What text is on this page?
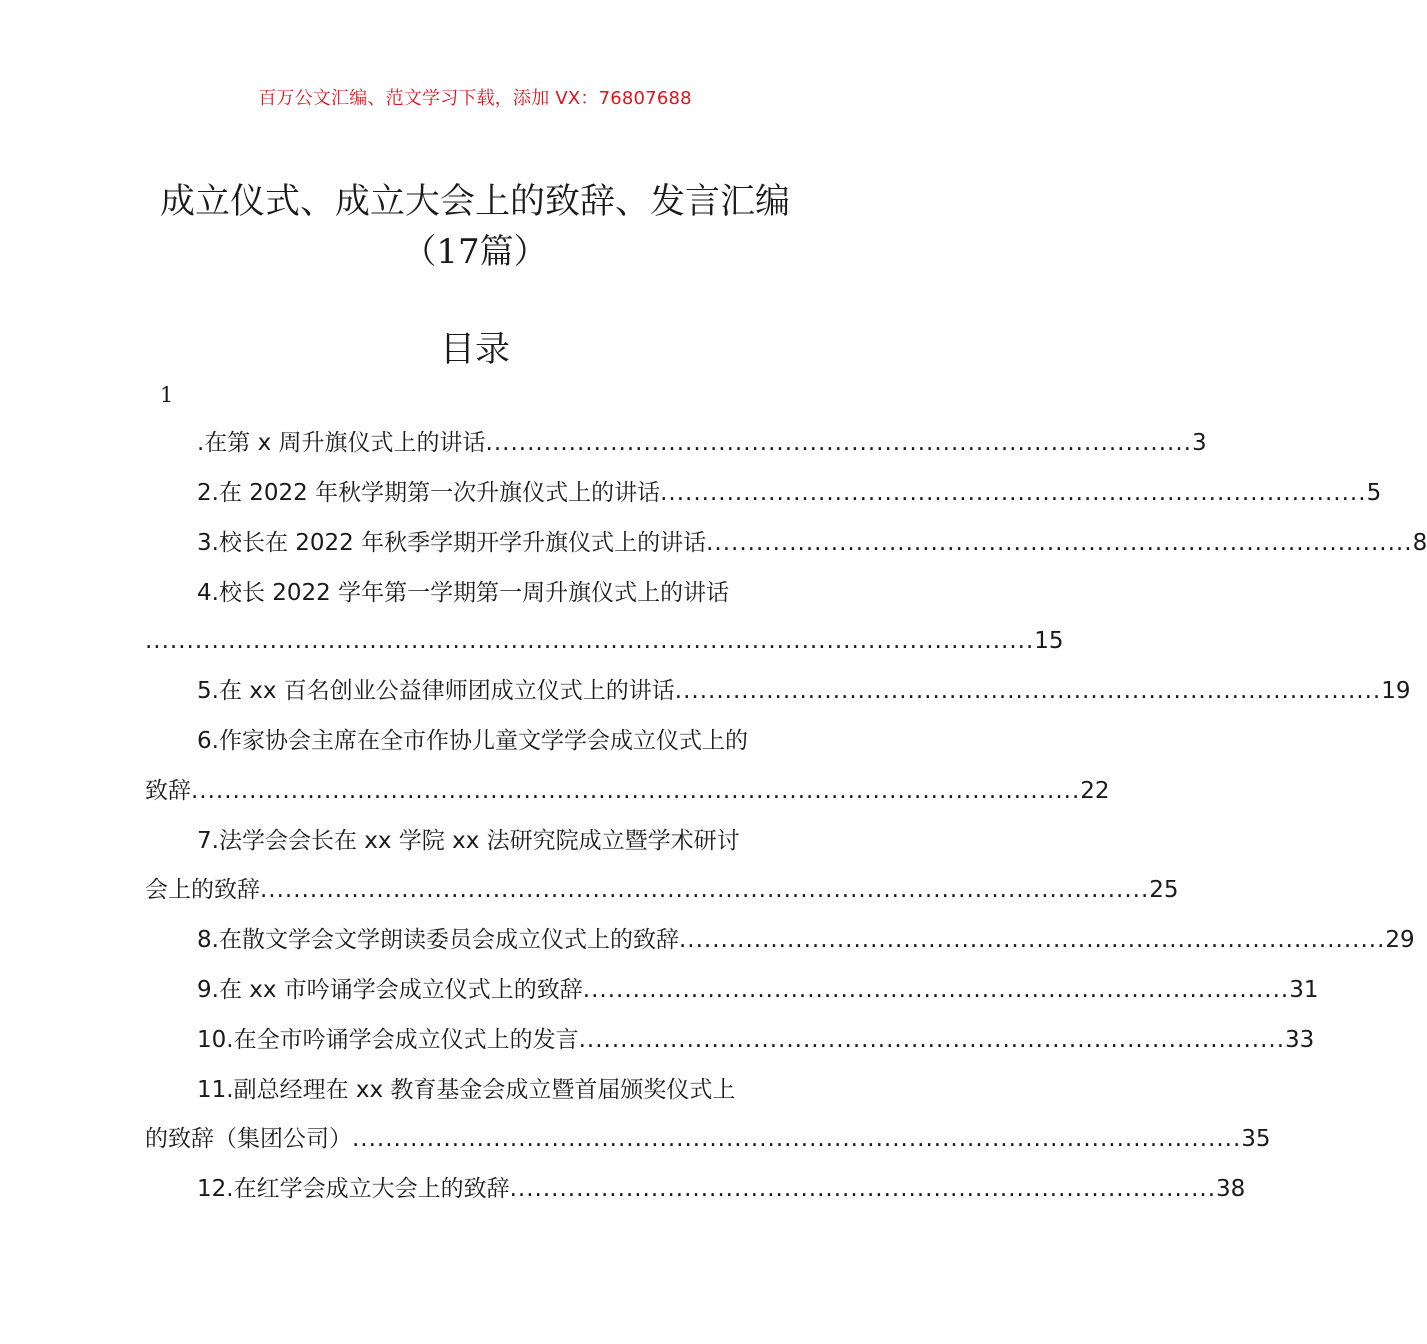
百万公文汇编、范文学习下载，添加 VX：76807688
成立仪式、成立大会上的致辞、发言汇编
（17篇）
目录
1
.在第 x 周升旗仪式上的讲话 ..................................................................................... 3
2.在 2022 年秋学期第一次升旗仪式上的讲话 ..................................................................................... 5
3.校长在 2022 年秋季学期开学升旗仪式上的讲话 ..................................................................................... 8
4.校长 2022 学年第一学期第一周升旗仪式上的讲话
........................................................................................................... 15
5.在 xx 百名创业公益律师团成立仪式上的讲话 ..................................................................................... 19
6.作家协会主席在全市作协儿童文学学会成立仪式上的
致辞 ........................................................................................................... 22
7.法学会会长在 xx 学院 xx 法研究院成立暨学术研讨
会上的致辞 ........................................................................................................... 25
8.在散文学会文学朗读委员会成立仪式上的致辞 ..................................................................................... 29
9.在 xx 市吟诵学会成立仪式上的致辞 ..................................................................................... 31
10.在全市吟诵学会成立仪式上的发言 ..................................................................................... 33
11.副总经理在 xx 教育基金会成立暨首届颁奖仪式上
的致辞（集团公司） ........................................................................................................... 35
12.在红学会成立大会上的致辞 ..................................................................................... 38
